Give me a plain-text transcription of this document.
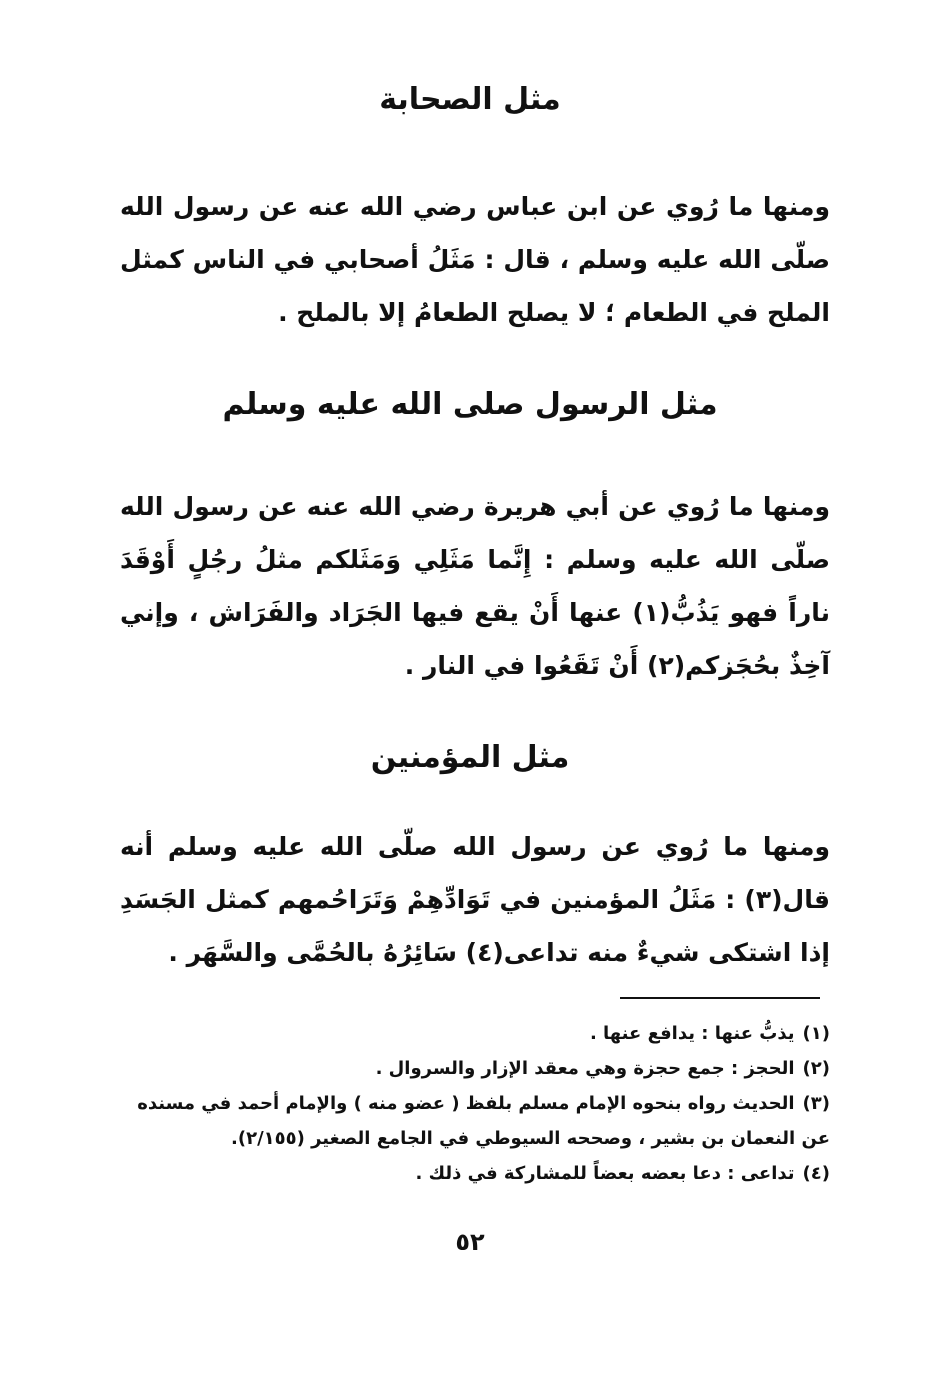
مثل الصحابة

ومنها ما رُوي عن ابن عباس رضي الله عنه عن رسول الله صلّى الله عليه وسلم ، قال : مَثَلُ أصحابي في الناس كمثل الملح في الطعام ؛ لا يصلح الطعامُ إلا بالملح .

مثل الرسول صلى الله عليه وسلم

ومنها ما رُوي عن أبي هريرة رضي الله عنه عن رسول الله صلّى الله عليه وسلم : إِنَّما مَثَلِي وَمَثَلكم مثلُ رجُلٍ أَوْقَدَ ناراً فهو يَذُبُّ(١) عنها أَنْ يقع فيها الجَرَاد والفَرَاش ، وإني آخِذٌ بحُجَزكم(٢) أَنْ تَقَعُوا في النار .

مثل المؤمنين

ومنها ما رُوي عن رسول الله صلّى الله عليه وسلم أنه قال(٣) : مَثَلُ المؤمنين في تَوَادِّهِمْ وَتَرَاحُمهم كمثل الجَسَدِ إذا اشتكى شيءٌ منه تداعى(٤) سَائِرُهُ بالحُمَّى والسَّهَر .

(١)يذبُّ عنها : يدافع عنها .

(٢)الحجز : جمع حجزة وهي معقد الإزار والسروال .

(٣)الحديث رواه بنحوه الإمام مسلم بلفظ ( عضو منه ) والإمام أحمد في مسنده عن النعمان بن بشير ، وصححه السيوطي في الجامع الصغير (٢/١٥٥).

(٤)تداعى : دعا بعضه بعضاً للمشاركة في ذلك .

٥٢
